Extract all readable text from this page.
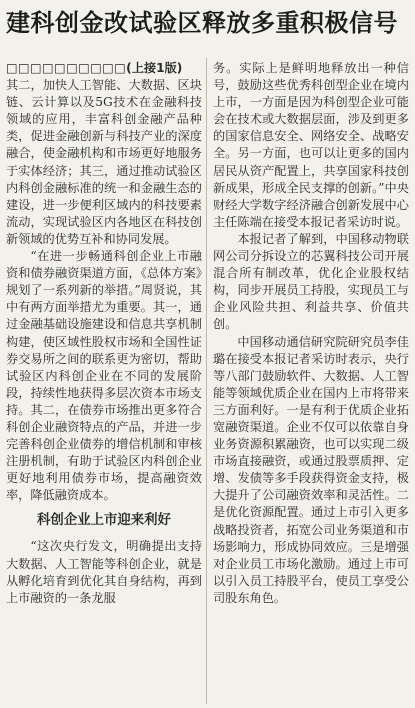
建科创金改试验区释放多重积极信号
□□□□□□□□□□ (上接1版)

其二，加快人工智能、大数据、区块链、云计算以及5G技术在金融科技领域的应用，丰富科创金融产品种类，促进金融创新与科技产业的深度融合，使金融机构和市场更好地服务于实体经济；其三，通过推动试验区内科创金融标准的统一和金融生态的建设，进一步便利区域内的科技要素流动，实现试验区内各地区在科技创新领域的优势互补和协同发展。

“在进一步畅通科创企业上市融资和债券融资渠道方面，《总体方案》规划了一系列新的举措。”周贤说，其中有两方面举措尤为重要。其一，通过金融基础设施建设和信息共享机制构建，使区域性股权市场和全国性证券交易所之间的联系更为密切，帮助试验区内科创企业在不同的发展阶段，持续性地获得多层次资本市场支持。其二，在债券市场推出更多符合科创企业融资特点的产品，并进一步完善科创企业债券的增信机制和审核注册机制，有助于试验区内科创企业更好地利用债券市场，提高融资效率，降低融资成本。

科创企业上市迎来利好

“这次央行发文，明确提出支持大数据、人工智能等科创企业，就是从孵化培育到优化其自身结构，再到上市融资的一条龙服

务。实际上是鲜明地释放出一种信号，鼓励这些优秀科创型企业在境内上市，一方面是因为科创型企业可能会在技术或大数据层面，涉及到更多的国家信息安全、网络安全、战略安全。另一方面，也可以让更多的国内居民从资产配置上，共享国家科技创新成果，形成全民支撑的创新。”中央财经大学数字经济融合创新发展中心主任陈端在接受本报记者采访时说。

本报记者了解到，中国移动物联网公司分拆设立的芯翼科技公司开展混合所有制改革，优化企业股权结构，同步开展员工持股，实现员工与企业风险共担、利益共享、价值共创。

中国移动通信研究院研究员李佳璐在接受本报记者采访时表示，央行等八部门鼓励软件、大数据、人工智能等领域优质企业在国内上市将带来三方面利好。一是有利于优质企业拓宽融资渠道。企业不仅可以依靠自身业务资源积累融资，也可以实现二级市场直接融资，或通过股票质押、定增、发债等多手段获得资金支持，极大提升了公司融资效率和灵活性。二是优化资源配置。通过上市引入更多战略投资者，拓宽公司业务渠道和市场影响力，形成协同效应。三是增强对企业员工市场化激励。通过上市可以引入员工持股平台，使员工享受公司股东角色。
